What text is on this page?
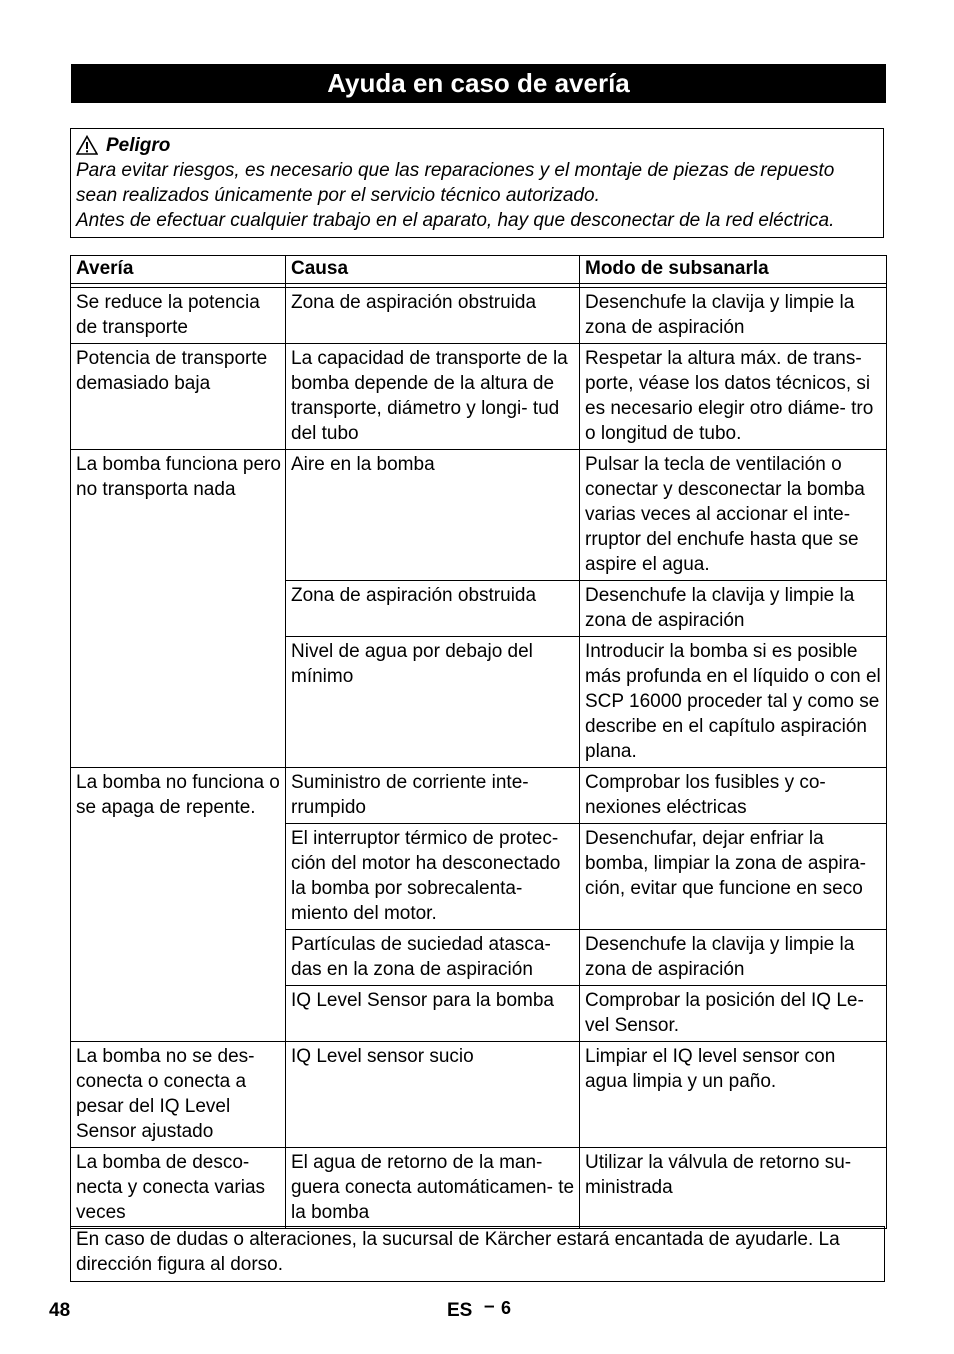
Ayuda en caso de avería
Peligro

Para evitar riesgos, es necesario que las reparaciones y el montaje de piezas de repuesto sean realizados únicamente por el servicio técnico autorizado.

Antes de efectuar cualquier trabajo en el aparato, hay que desconectar de la red eléctrica.

Avería	Causa	Modo de subsanarla

Se reduce la potencia de transporte	Zona de aspiración obstruida	Desenchufe la clavija y limpie la zona de aspiración
Potencia de transporte demasiado baja	La capacidad de transporte de la bomba depende de la altura de transporte, diámetro y longi- tud del tubo	Respetar la altura máx. de trans- porte, véase los datos técnicos, si es necesario elegir otro diáme- tro o longitud de tubo.
La bomba funciona pero no transporta nada	Aire en la bomba	Pulsar la tecla de ventilación o conectar y desconectar la bomba varias veces al accionar el inte- rruptor del enchufe hasta que se aspire el agua.
	Zona de aspiración obstruida	Desenchufe la clavija y limpie la zona de aspiración
	Nivel de agua por debajo del mínimo	Introducir la bomba si es posible más profunda en el líquido o con el SCP 16000 proceder tal y como se describe en el capítulo aspiración plana.
La bomba no funciona o se apaga de repente.	Suministro de corriente inte- rrumpido	Comprobar los fusibles y co- nexiones eléctricas
	El interruptor térmico de protec- ción del motor ha desconectado la bomba por sobrecalenta- miento del motor.	Desenchufar, dejar enfriar la bomba, limpiar la zona de aspira- ción, evitar que funcione en seco
	Partículas de suciedad atasca- das en la zona de aspiración	Desenchufe la clavija y limpie la zona de aspiración
	IQ Level Sensor para la bomba	Comprobar la posición del IQ Le- vel Sensor.
La bomba no se des- conecta o conecta a pesar del IQ Level Sensor ajustado	IQ Level sensor sucio	Limpiar el IQ level sensor con agua limpia y un paño.
La bomba de desco- necta y conecta varias veces	El agua de retorno de la man- guera conecta automáticamen- te la bomba	Utilizar la válvula de retorno su- ministrada

En caso de dudas o alteraciones, la sucursal de Kärcher estará encantada de ayudarle. La dirección figura al dorso.

48	ES – 6
